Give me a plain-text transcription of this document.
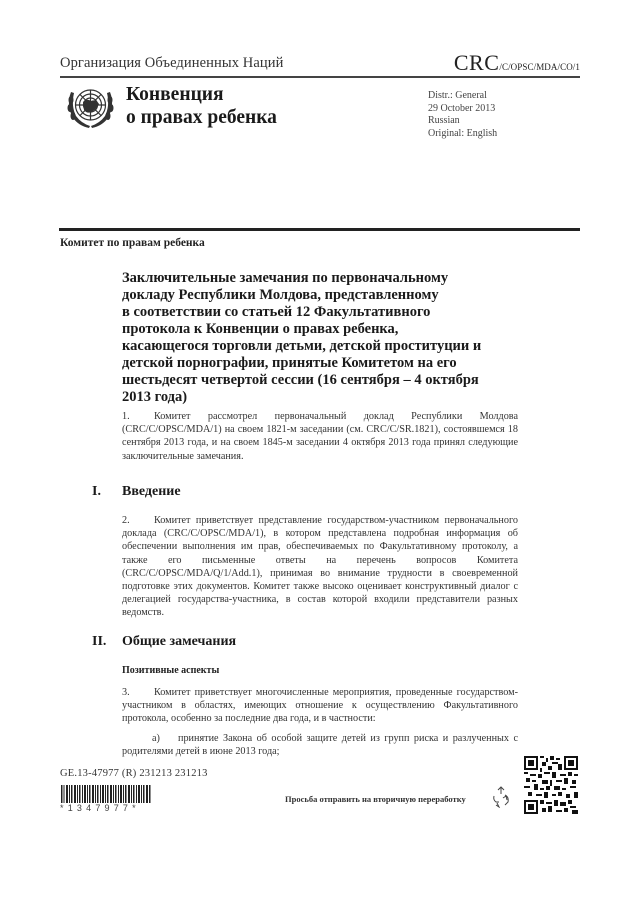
Организация Объединенных Наций	CRC/C/OPSC/MDA/CO/1
Конвенция
о правах ребенка
Distr.: General
29 October 2013
Russian
Original: English
Комитет по правам ребенка
Заключительные замечания по первоначальному
докладу Республики Молдова, представленному
в соответствии со статьей 12 Факультативного
протокола к Конвенции о правах ребенка,
касающегося торговли детьми, детской проституции и
детской порнографии, принятые Комитетом на его
шестьдесят четвертой сессии (16 сентября – 4 октября
2013 года)
1. Комитет рассмотрел первоначальный доклад Республики Молдова (CRC/C/OPSC/MDA/1) на своем 1821-м заседании (см. CRC/C/SR.1821), состоявшемся 18 сентября 2013 года, и на своем 1845-м заседании 4 октября 2013 года принял следующие заключительные замечания.
I. Введение
2. Комитет приветствует представление государством-участником первоначального доклада (CRC/C/OPSC/MDA/1), в котором представлена подробная информация об обеспечении выполнения им прав, обеспечиваемых по Факультативному протоколу, а также его письменные ответы на перечень вопросов Комитета (CRC/C/OPSC/MDA/Q/1/Add.1), принимая во внимание трудности в своевременной подготовке этих документов. Комитет также высоко оценивает конструктивный диалог с делегацией государства-участника, в состав которой входили представители разных ведомств.
II. Общие замечания
Позитивные аспекты
3. Комитет приветствует многочисленные мероприятия, проведенные государством-участником в областях, имеющих отношение к осуществлению Факультативного протокола, особенно за последние два года, и в частности:
a) принятие Закона об особой защите детей из групп риска и разлученных с родителями детей в июне 2013 года;
GE.13-47977 (R) 231213 231213
*1347977*
Просьба отправить на вторичную переработку
